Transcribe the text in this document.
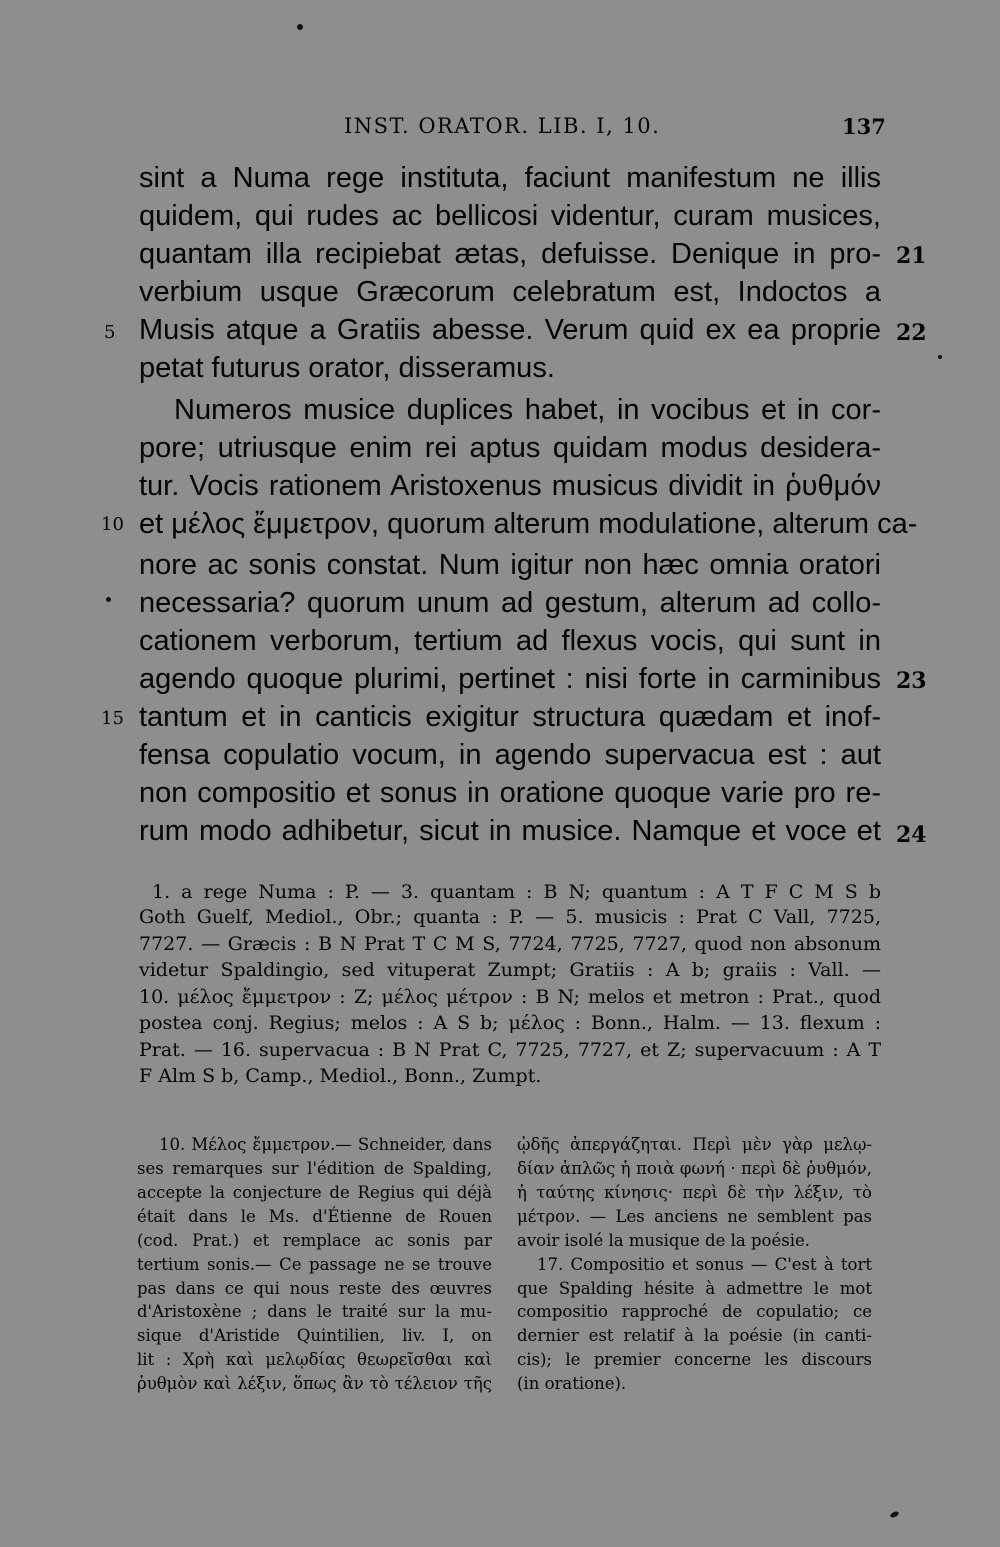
INST. ORATOR. LIB. I, 10.	137
sint a Numa rege instituta, faciunt manifestum ne illis
quidem, qui rudes ac bellicosi videntur, curam musices,
quantam illa recipiebat ætas, defuisse. Denique in pro-
verbium usque Græcorum celebratum est, Indoctos a
Musis atque a Gratiis abesse. Verum quid ex ea proprie
petat futurus orator, disseramus.
Numeros musice duplices habet, in vocibus et in cor-
pore; utriusque enim rei aptus quidam modus desidera-
tur. Vocis rationem Aristoxenus musicus dividit in ῥυθμόν
et μέλος ἔμμετρον, quorum alterum modulatione, alterum ca-
nore ac sonis constat. Num igitur non hæc omnia oratori
necessaria? quorum unum ad gestum, alterum ad collo-
cationem verborum, tertium ad flexus vocis, qui sunt in
agendo quoque plurimi, pertinet : nisi forte in carminibus
tantum et in canticis exigitur structura quædam et inof-
fensa copulatio vocum, in agendo supervacua est : aut
non compositio et sonus in oratione quoque varie pro re-
rum modo adhibetur, sicut in musice. Namque et voce et
5
10
15
21
22
23
24
1. a rege Numa : P. — 3. quantam : B N; quantum : A T F C M S b
Goth Guelf, Mediol., Obr.; quanta : P. — 5. musicis : Prat C Vall, 7725,
7727. — Græcis : B N Prat T C M S, 7724, 7725, 7727, quod non absonum
videtur Spaldingio, sed vituperat Zumpt; Gratiis : A b; graiis : Vall. —
10. μέλος ἔμμετρον : Z; μέλος μέτρον : B N; melos et metron : Prat., quod
postea conj. Regius; melos : A S b; μέλος : Bonn., Halm. — 13. flexum :
Prat. — 16. supervacua : B N Prat C, 7725, 7727, et Z; supervacuum : A T
F Alm S b, Camp., Mediol., Bonn., Zumpt.
10. Μέλος ἔμμετρον.— Schneider, dans
ses remarques sur l'édition de Spalding,
accepte la conjecture de Regius qui déjà
était dans le Ms. d'Étienne de Rouen
(cod. Prat.) et remplace ac sonis par
tertium sonis.— Ce passage ne se trouve
pas dans ce qui nous reste des œuvres
d'Aristoxène ; dans le traité sur la mu-
sique d'Aristide Quintilien, liv. I, on
lit : Χρὴ καὶ μελῳδίας θεωρεῖσθαι καὶ
ῥυθμὸν καὶ λέξιν, ὅπως ἂν τὸ τέλειον τῆς
ᾠδῆς ἀπεργάζηται. Περὶ μὲν γὰρ μελῳ-
δίαν ἁπλῶς ἡ ποιὰ φωνή · περὶ δὲ ῥυθμόν,
ἡ ταύτης κίνησις· περὶ δὲ τὴν λέξιν, τὸ
μέτρον. — Les anciens ne semblent pas
avoir isolé la musique de la poésie.
17. Compositio et sonus — C'est à tort
que Spalding hésite à admettre le mot
compositio rapproché de copulatio; ce
dernier est relatif à la poésie (in canti-
cis); le premier concerne les discours
(in oratione).
